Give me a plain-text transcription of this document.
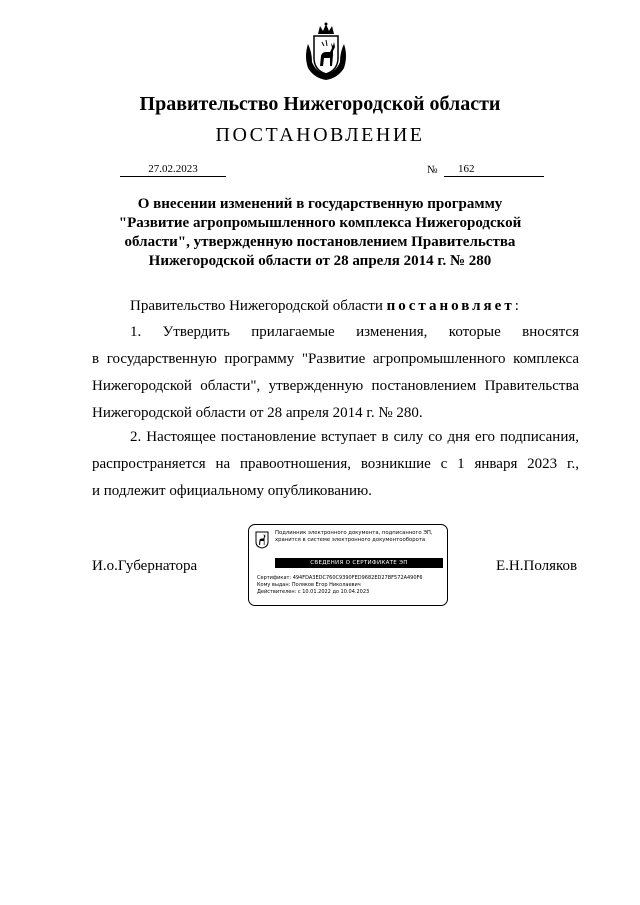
Правительство Нижегородской области
ПОСТАНОВЛЕНИЕ
27.02.2023	№	162
О внесении изменений в государственную программу
"Развитие агропромышленного комплекса Нижегородской
области", утвержденную постановлением Правительства
Нижегородской области от 28 апреля 2014 г. № 280
Правительство Нижегородской области постановляет:
1. Утвердить прилагаемые изменения, которые вносятся
в государственную программу "Развитие агропромышленного комплекса
Нижегородской области", утвержденную постановлением Правительства
Нижегородской области от 28 апреля 2014 г. № 280.
2. Настоящее постановление вступает в силу со дня его подписания,
распространяется на правоотношения, возникшие с 1 января 2023 г.,
и подлежит официальному опубликованию.
И.о.Губернатора
Подлинник электронного документа, подписанного ЭП,
хранится в системе электронного документооборота
СВЕДЕНИЯ О СЕРТИФИКАТЕ ЭП
Сертификат: 494FDA3EDC760C9390FED9682ED27BF572A490F6
Кому выдан: Поляков Егор Николаевич
Действителен: с 10.01.2022 до 10.04.2023
Е.Н.Поляков
